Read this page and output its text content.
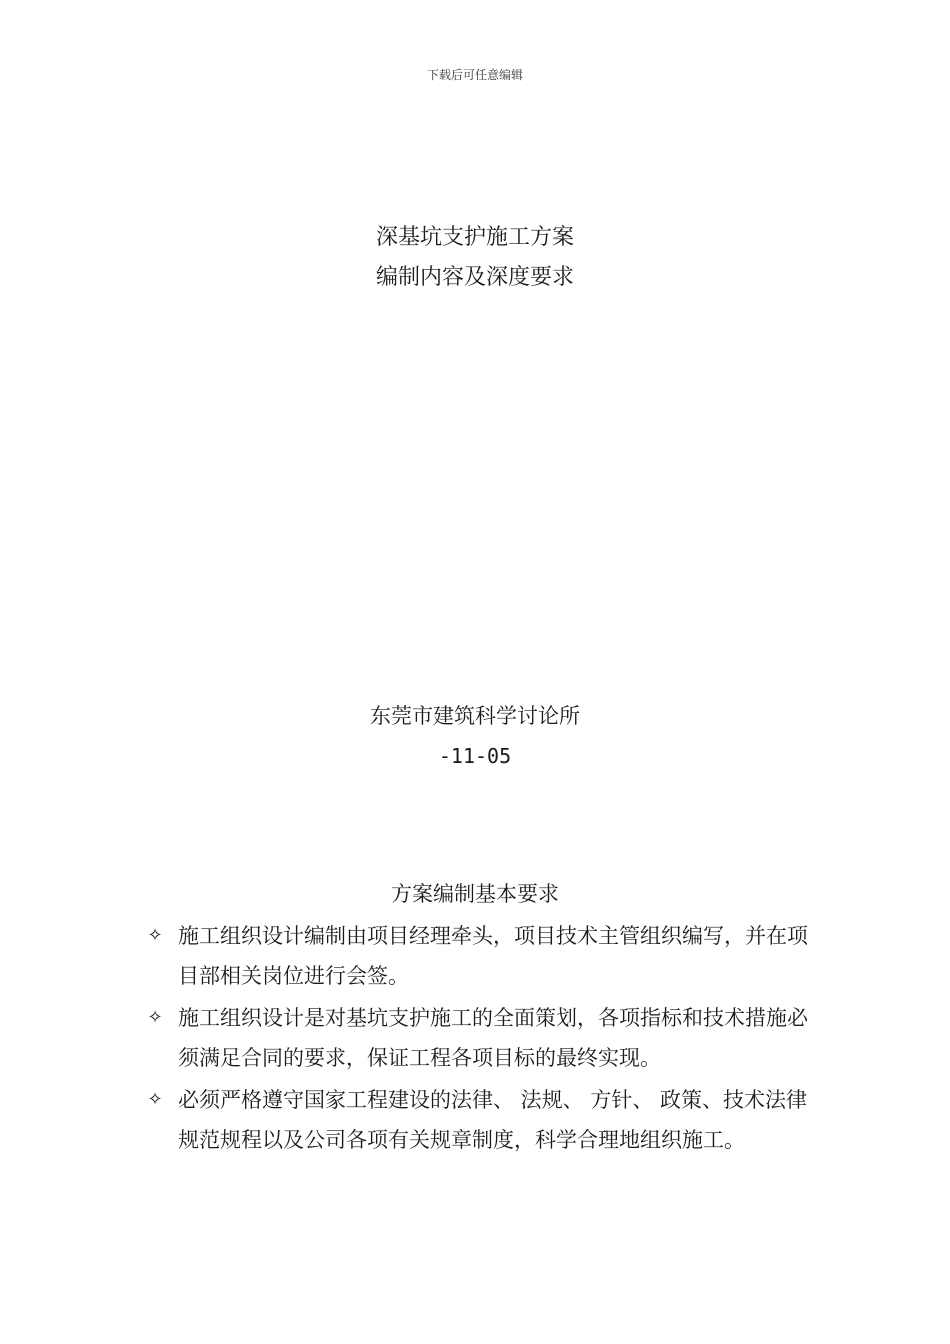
下载后可任意编辑
深基坑支护施工方案
编制内容及深度要求
东莞市建筑科学讨论所
-11-05
方案编制基本要求
✧ 施工组织设计编制由项目经理牵头，项目技术主管组织编写，并在项目部相关岗位进行会签。
✧ 施工组织设计是对基坑支护施工的全面策划，各项指标和技术措施必须满足合同的要求，保证工程各项目标的最终实现。
✧ 必须严格遵守国家工程建设的法律、 法规、 方针、 政策、技术法律规范规程以及公司各项有关规章制度，科学合理地组织施工。
